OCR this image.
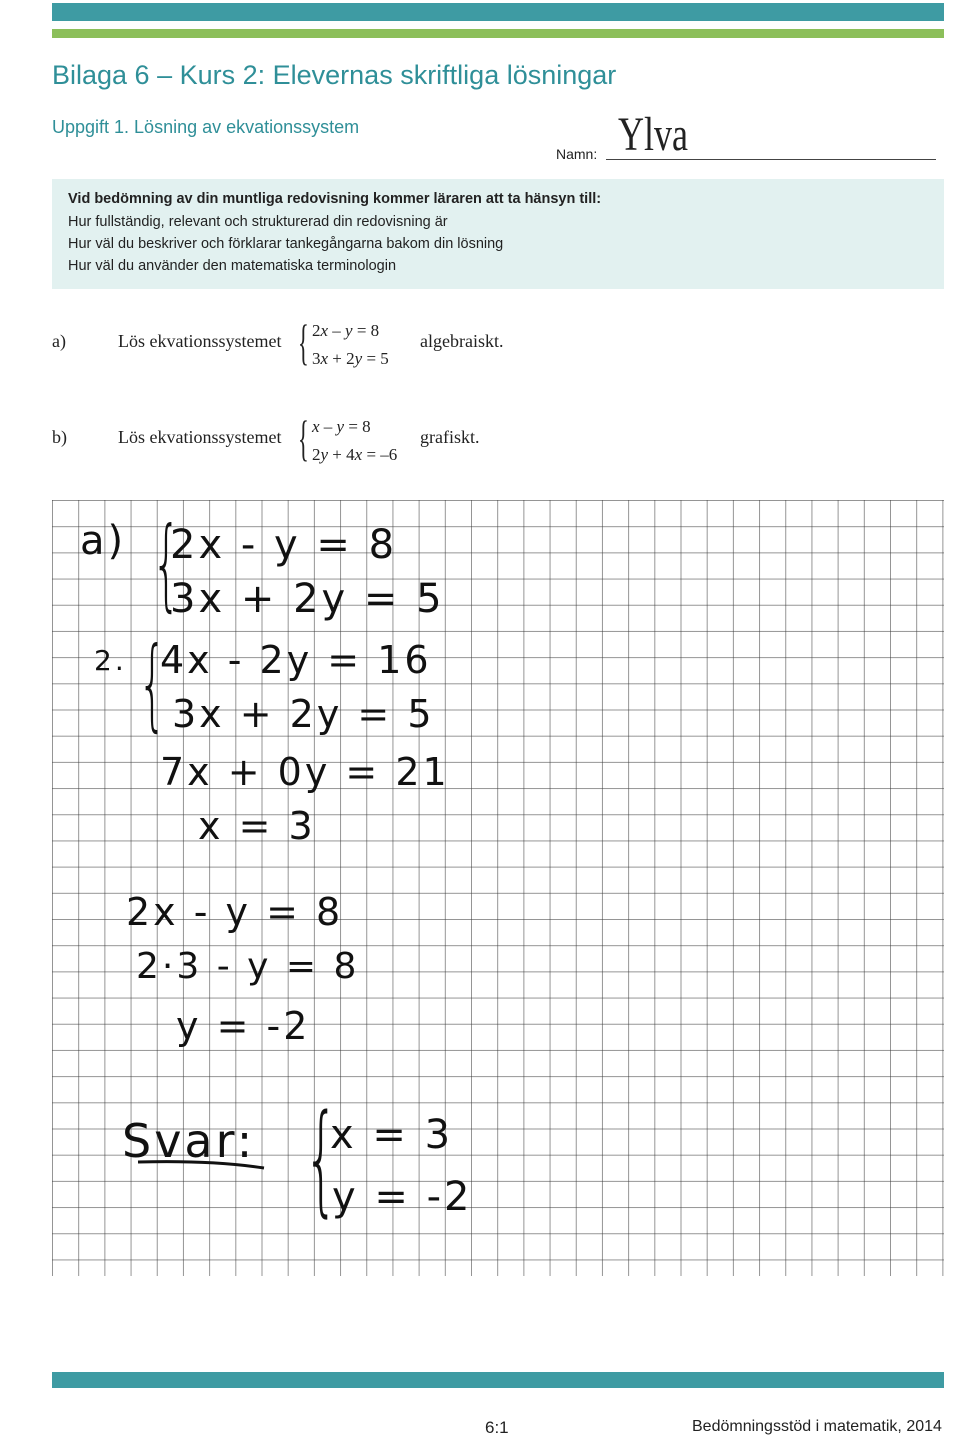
Bilaga 6 – Kurs 2: Elevernas skriftliga lösningar
Uppgift 1. Lösning av ekvationssystem
Namn: Ylva
Vid bedömning av din muntliga redovisning kommer läraren att ta hänsyn till:
Hur fullständig, relevant och strukturerad din redovisning är
Hur väl du beskriver och förklarar tankegångarna bakom din lösning
Hur väl du använder den matematiska terminologin
a)	Lös ekvationssystemet { 2x – y = 8
3x + 2y = 5
algebraiskt.
b)	Lös ekvationssystemet { x – y = 8
2y + 4x = –6
grafiskt.
a) {
2x - y = 8
3x + 2y = 5
2. {
4x - 2y = 16
3x + 2y = 5
7x + 0y = 21
x = 3
2x - y = 8
2·3 - y = 8
y = -2
Svar: {
x = 3
y = -2
6:1	Bedömningsstöd i matematik, 2014
